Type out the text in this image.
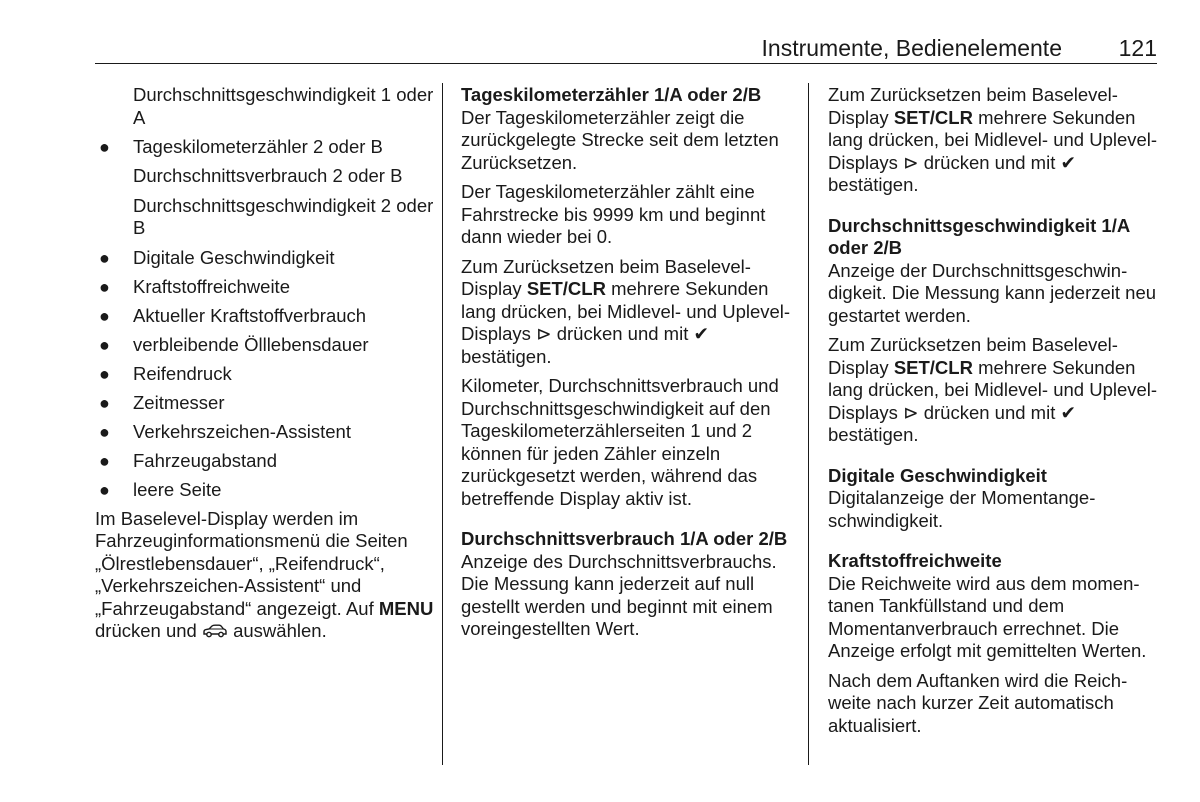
Instrumente, Bedienelemente 121

Durchschnittsgeschwindigkeit 1 oder A

● Tageskilometerzähler 2 oder B

Durchschnittsverbrauch 2 oder B

Durchschnittsgeschwindigkeit 2 oder B

● Digitale Geschwindigkeit
● Kraftstoffreichweite
● Aktueller Kraftstoffverbrauch
● verbleibende Ölllebensdauer
● Reifendruck
● Zeitmesser
● Verkehrszeichen-Assistent
● Fahrzeugabstand
● leere Seite

Im Baselevel-Display werden im Fahrzeuginformationsmenü die Seiten „Ölrestlebensdauer“, „Reifendruck“, „Verkehrszeichen-Assistent“ und „Fahrzeugabstand“ angezeigt. Auf MENU drücken und auswählen.

Tageskilometerzähler 1/A oder 2/B

Der Tageskilometerzähler zeigt die zurückgelegte Strecke seit dem letzten Zurücksetzen.

Der Tageskilometerzähler zählt eine Fahrstrecke bis 9999 km und beginnt dann wieder bei 0.

Zum Zurücksetzen beim Baselevel-Display SET/CLR mehrere Sekunden lang drücken, bei Midlevel- und Uplevel-Displays ⊳ drücken und mit ✔ bestätigen.

Kilometer, Durchschnittsverbrauch und Durchschnittsgeschwindigkeit auf den Tageskilometerzählerseiten 1 und 2 können für jeden Zähler einzeln zurückgesetzt werden, während das betreffende Display aktiv ist.

Durchschnittsverbrauch 1/A oder 2/B

Anzeige des Durchschnittsverbrauchs. Die Messung kann jederzeit auf null gestellt werden und beginnt mit einem voreingestellten Wert.

Zum Zurücksetzen beim Baselevel-Display SET/CLR mehrere Sekunden lang drücken, bei Midlevel- und Uplevel-Displays ⊳ drücken und mit ✔ bestätigen.

Durchschnittsgeschwindigkeit 1/A oder 2/B

Anzeige der Durchschnittsgeschwindigkeit. Die Messung kann jederzeit neu gestartet werden.

Zum Zurücksetzen beim Baselevel-Display SET/CLR mehrere Sekunden lang drücken, bei Midlevel- und Uplevel-Displays ⊳ drücken und mit ✔ bestätigen.

Digitale Geschwindigkeit

Digitalanzeige der Momentangeschwindigkeit.

Kraftstoffreichweite

Die Reichweite wird aus dem momentanen Tankfüllstand und dem Momentanverbrauch errechnet. Die Anzeige erfolgt mit gemittelten Werten.

Nach dem Auftanken wird die Reichweite nach kurzer Zeit automatisch aktualisiert.
